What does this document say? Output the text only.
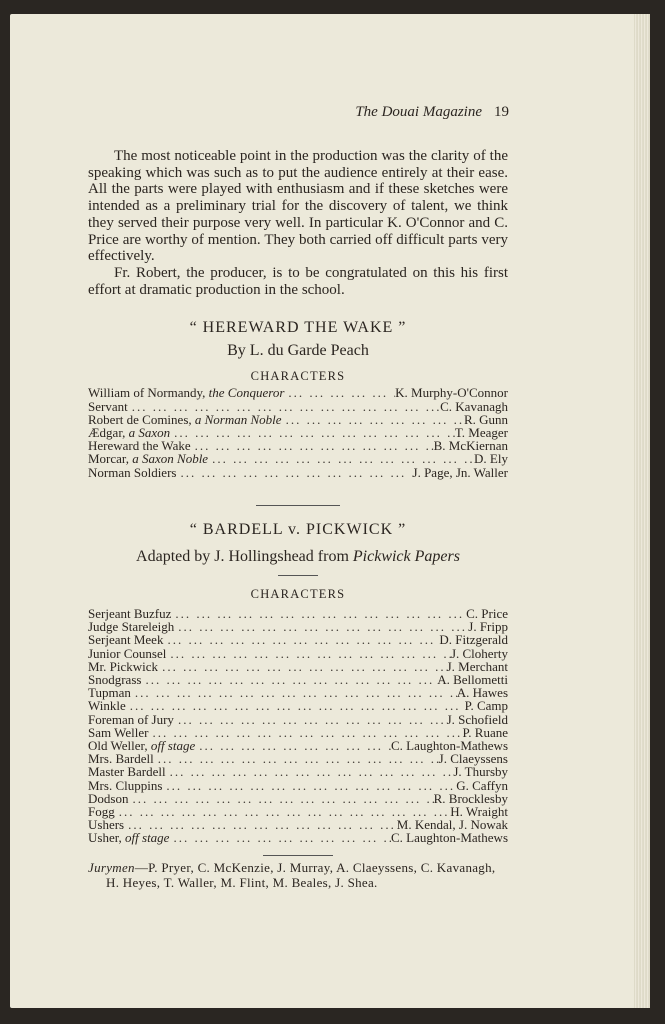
The Douai Magazine 19

The most noticeable point in the production was the clarity of the speaking which was such as to put the audience entirely at their ease. All the parts were played with enthusiasm and if these sketches were intended as a preliminary trial for the discovery of talent, we think they served their purpose very well. In particular K. O'Connor and C. Price are worthy of mention. They both carried off difficult parts very effectively.

Fr. Robert, the producer, is to be congratulated on this his first effort at dramatic production in the school.

“ HEREWARD THE WAKE ”
By L. du Garde Peach
CHARACTERS
William of Normandy, the Conqueror ...	K. Murphy-O'Connor
Servant ...	C. Kavanagh
Robert de Comines, a Norman Noble ...	R. Gunn
Ædgar, a Saxon ...	T. Meager
Hereward the Wake ...	B. McKiernan
Morcar, a Saxon Noble ...	D. Ely
Norman Soldiers ...	J. Page, Jn. Waller
“ BARDELL v. PICKWICK ”
Adapted by J. Hollingshead from Pickwick Papers
CHARACTERS
Serjeant Buzfuz ...	C. Price
Judge Stareleigh ...	J. Fripp
Serjeant Meek ...	D. Fitzgerald
Junior Counsel ...	J. Cloherty
Mr. Pickwick ...	J. Merchant
Snodgrass ...	A. Bellometti
Tupman ...	A. Hawes
Winkle ...	P. Camp
Foreman of Jury ...	J. Schofield
Sam Weller ...	P. Ruane
Old Weller, off stage ...	C. Laughton-Mathews
Mrs. Bardell ...	J. Claeyssens
Master Bardell ...	J. Thursby
Mrs. Cluppins ...	G. Caffyn
Dodson ...	R. Brocklesby
Fogg ...	H. Wraight
Ushers ...	M. Kendal, J. Nowak
Usher, off stage ...	C. Laughton-Mathews

Jurymen—P. Pryer, C. McKenzie, J. Murray, A. Claeyssens, C. Kavanagh, H. Heyes, T. Waller, M. Flint, M. Beales, J. Shea.
